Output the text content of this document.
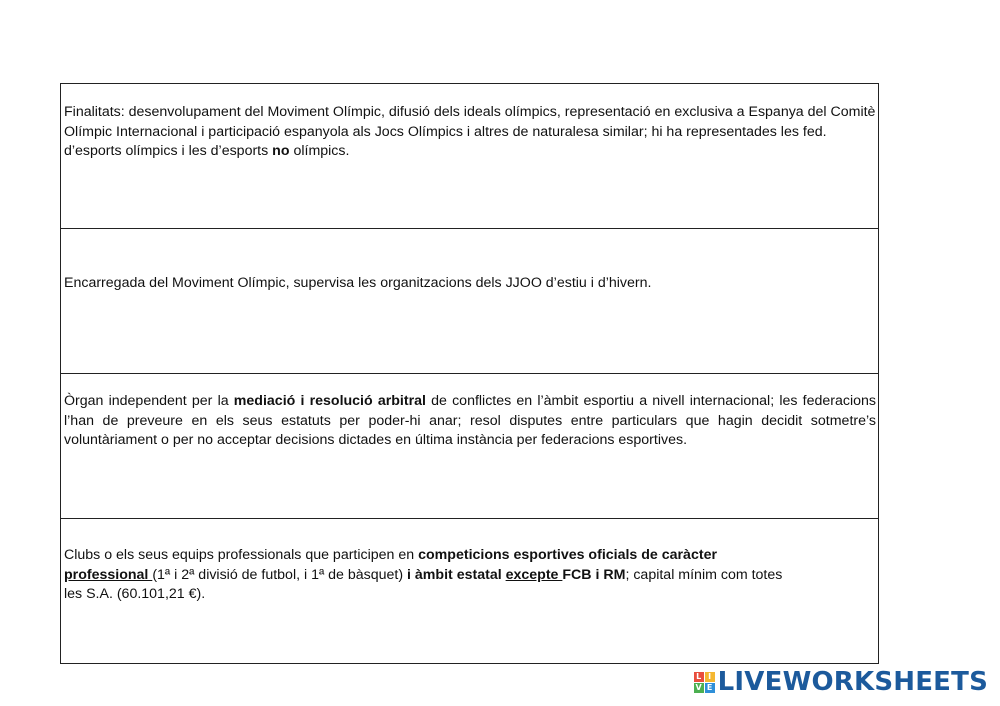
Finalitats: desenvolupament del Moviment Olímpic, difusió dels ideals olímpics, representació en exclusiva a Espanya del Comitè Olímpic Internacional i participació espanyola als Jocs Olímpics i altres de naturalesa similar; hi ha representades les fed. d’esports olímpics i les d’esports no olímpics.
Encarregada del Moviment Olímpic, supervisa les organitzacions dels JJOO d’estiu i d’hivern.
Òrgan independent per la mediació i resolució arbitral de conflictes en l’àmbit esportiu a nivell internacional; les federacions l’han de preveure en els seus estatuts per poder-hi anar; resol disputes entre particulars que hagin decidit sotmetre’s voluntàriament o per no acceptar decisions dictades en última instància per federacions esportives.
Clubs o els seus equips professionals que participen en competicions esportives oficials de caràcter
professional (1ª i 2ª divisió de futbol, i 1ª de bàsquet) i àmbit estatal excepte FCB i RM; capital mínim com totes
les S.A. (60.101,21 €).
L I
V E LIVEWORKSHEETS
